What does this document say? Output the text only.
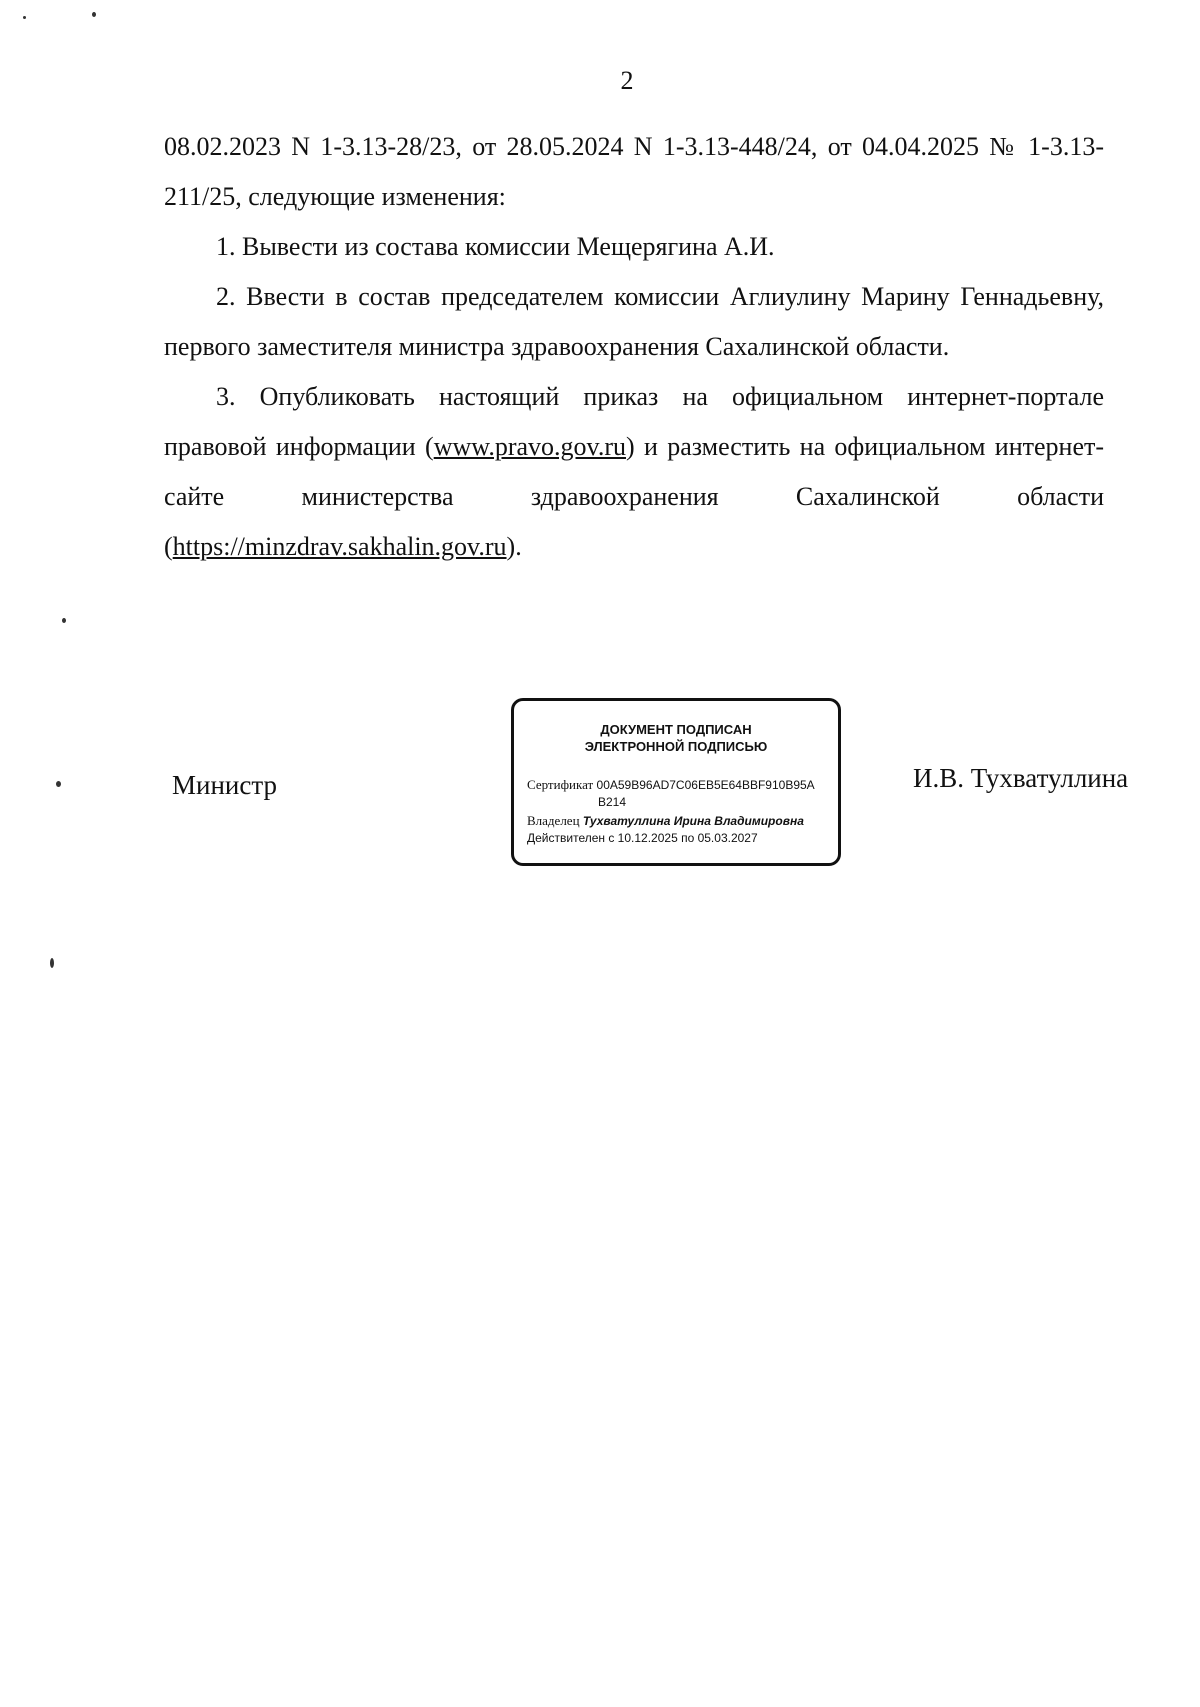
2

08.02.2023 N 1-3.13-28/23, от 28.05.2024 N 1-3.13-448/24, от 04.04.2025 № 1-3.13-211/25, следующие изменения:

1. Вывести из состава комиссии Мещерягина А.И.

2. Ввести в состав председателем комиссии Аглиулину Марину Геннадьевну, первого заместителя министра здравоохранения Сахалинской области.

3. Опубликовать настоящий приказ на официальном интернет-портале правовой информации (www.pravo.gov.ru) и разместить на официальном интернет-сайте министерства здравоохранения Сахалинской области (https://minzdrav.sakhalin.gov.ru).

Министр
ДОКУМЕНТ ПОДПИСАН
ЭЛЕКТРОННОЙ ПОДПИСЬЮ
Сертификат 00A59B96AD7C06EB5E64BBF910B95A
B214
Владелец Тухватуллина Ирина Владимировна
Действителен с 10.12.2025 по 05.03.2027
И.В. Тухватуллина
